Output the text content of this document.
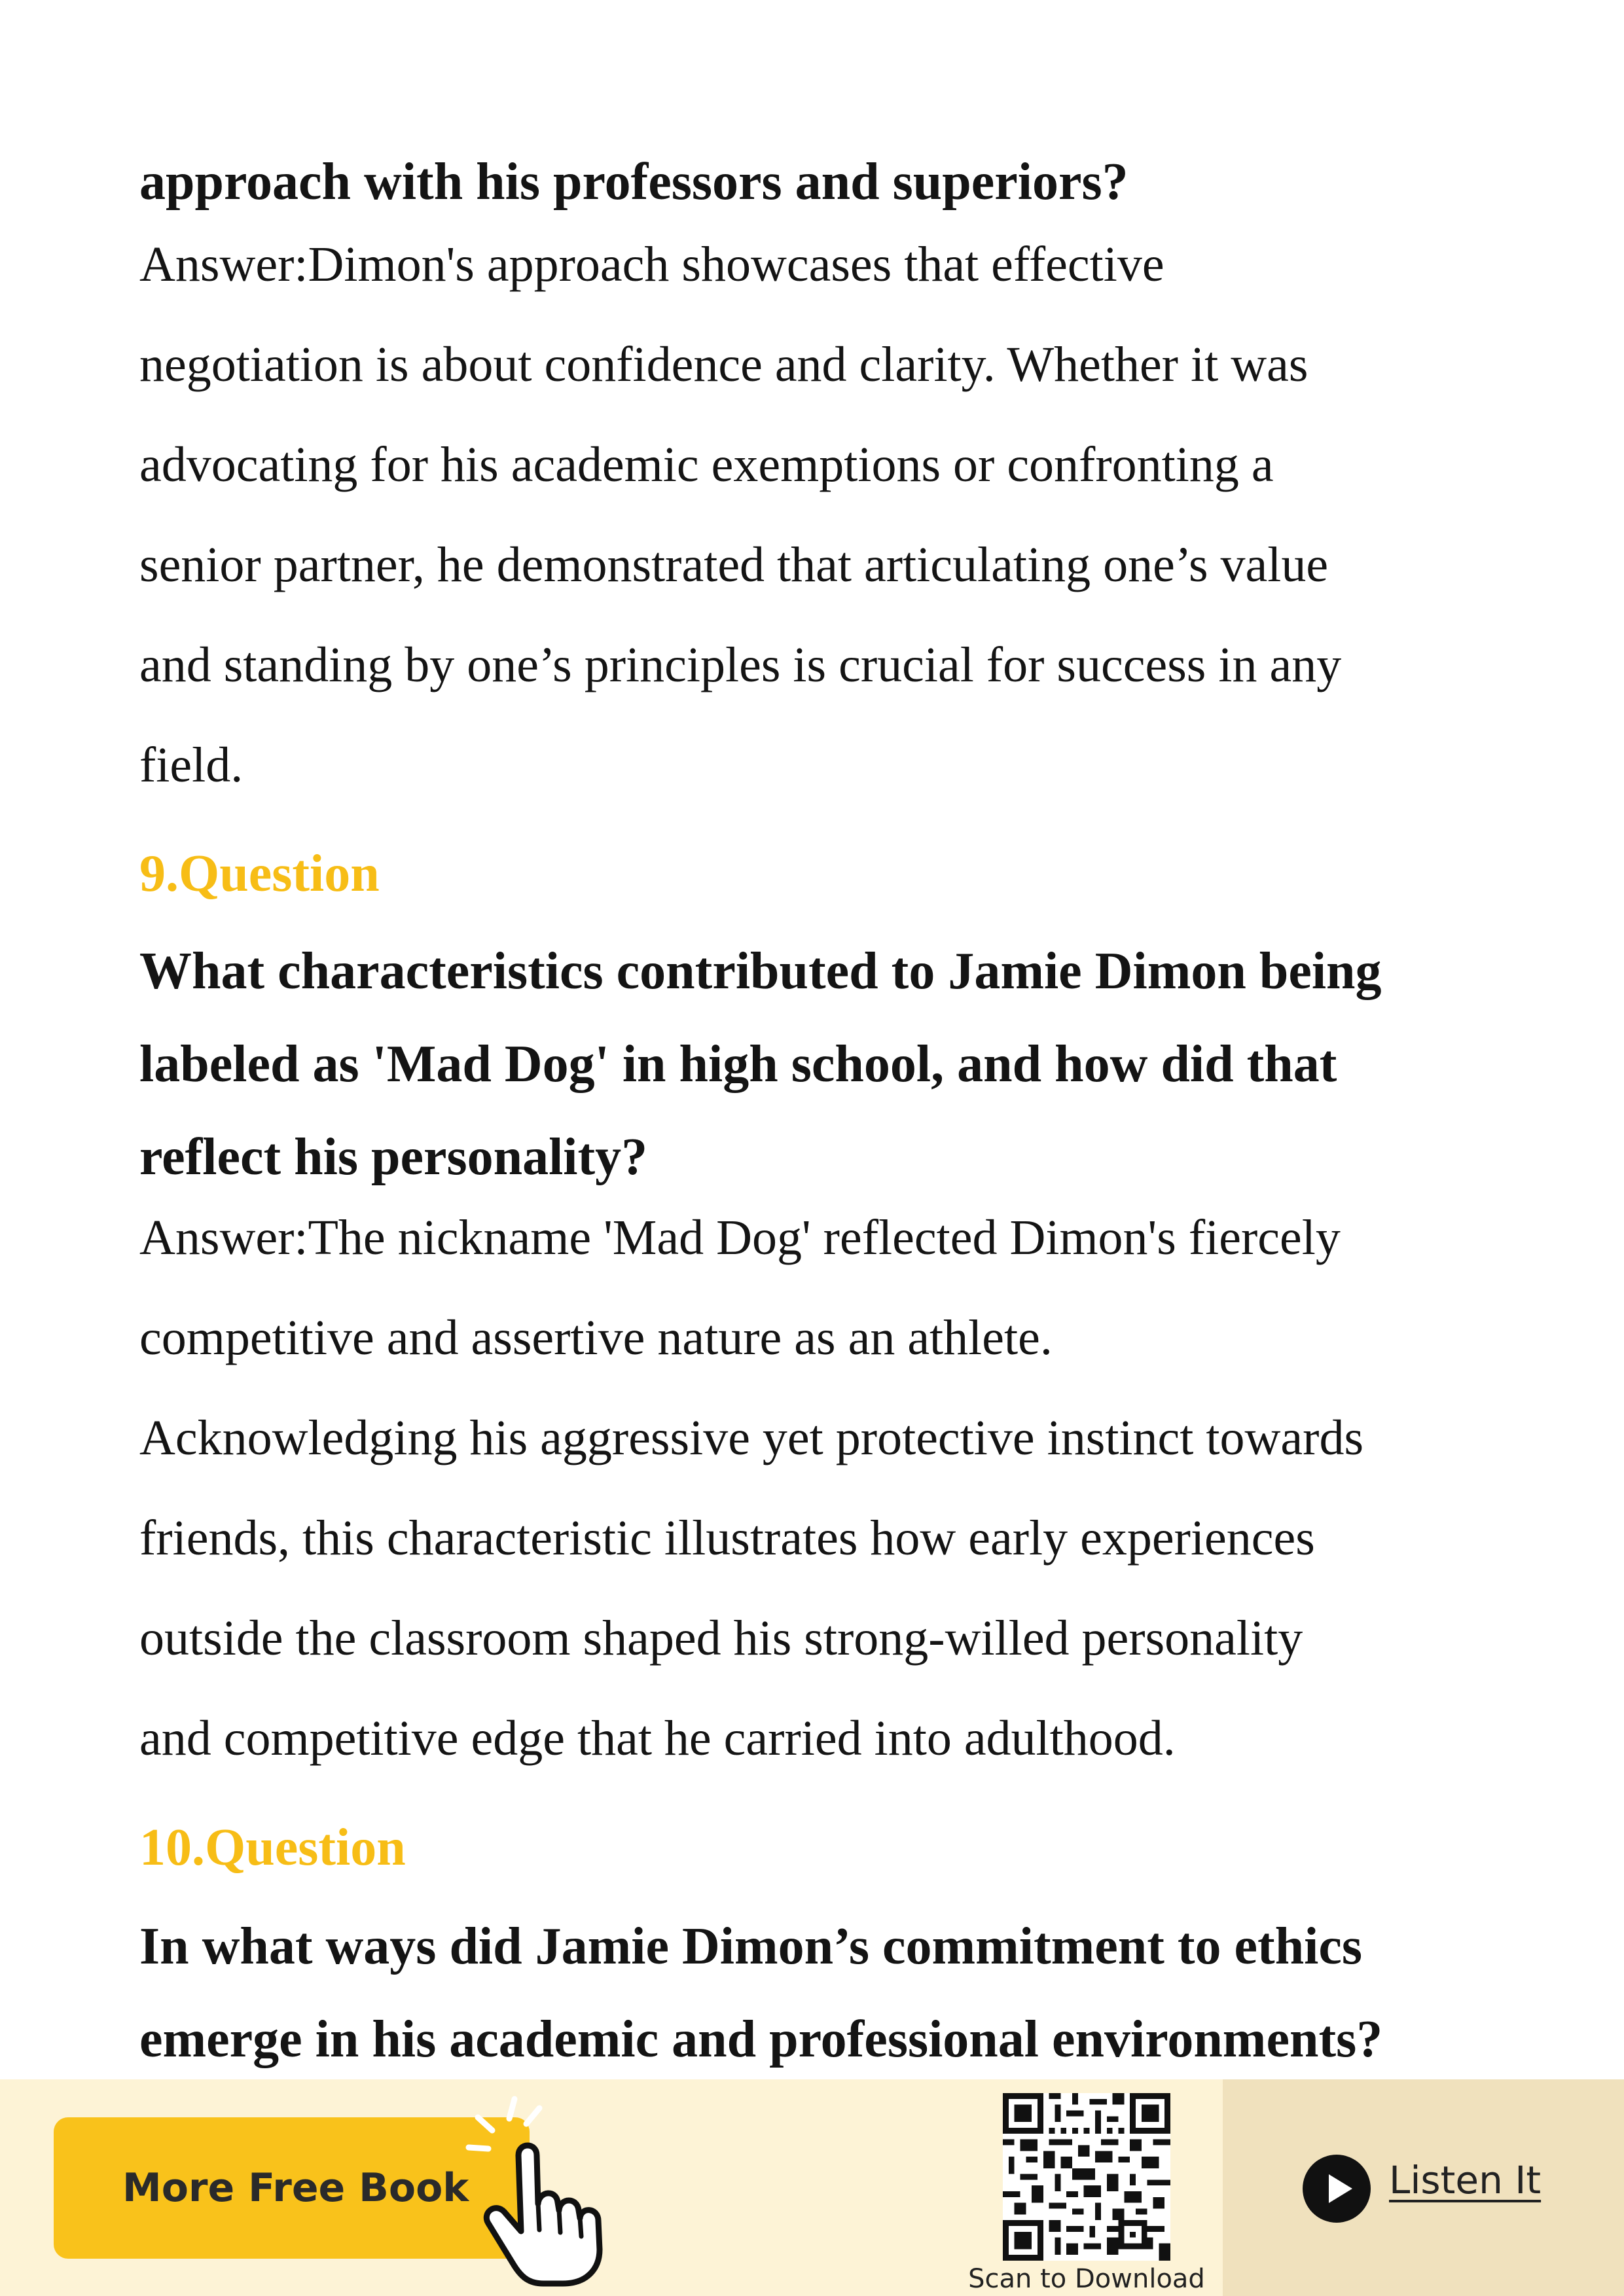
approach with his professors and superiors?
Answer:Dimon's approach showcases that effective
negotiation is about confidence and clarity. Whether it was
advocating for his academic exemptions or confronting a
senior partner, he demonstrated that articulating one’s value
and standing by one’s principles is crucial for success in any
field.
9.Question
What characteristics contributed to Jamie Dimon being
labeled as 'Mad Dog' in high school, and how did that
reflect his personality?
Answer:The nickname 'Mad Dog' reflected Dimon's fiercely
competitive and assertive nature as an athlete.
Acknowledging his aggressive yet protective instinct towards
friends, this characteristic illustrates how early experiences
outside the classroom shaped his strong-willed personality
and competitive edge that he carried into adulthood.
10.Question
In what ways did Jamie Dimon’s commitment to ethics
emerge in his academic and professional environments?
More Free Book
Scan to Download
Listen It
